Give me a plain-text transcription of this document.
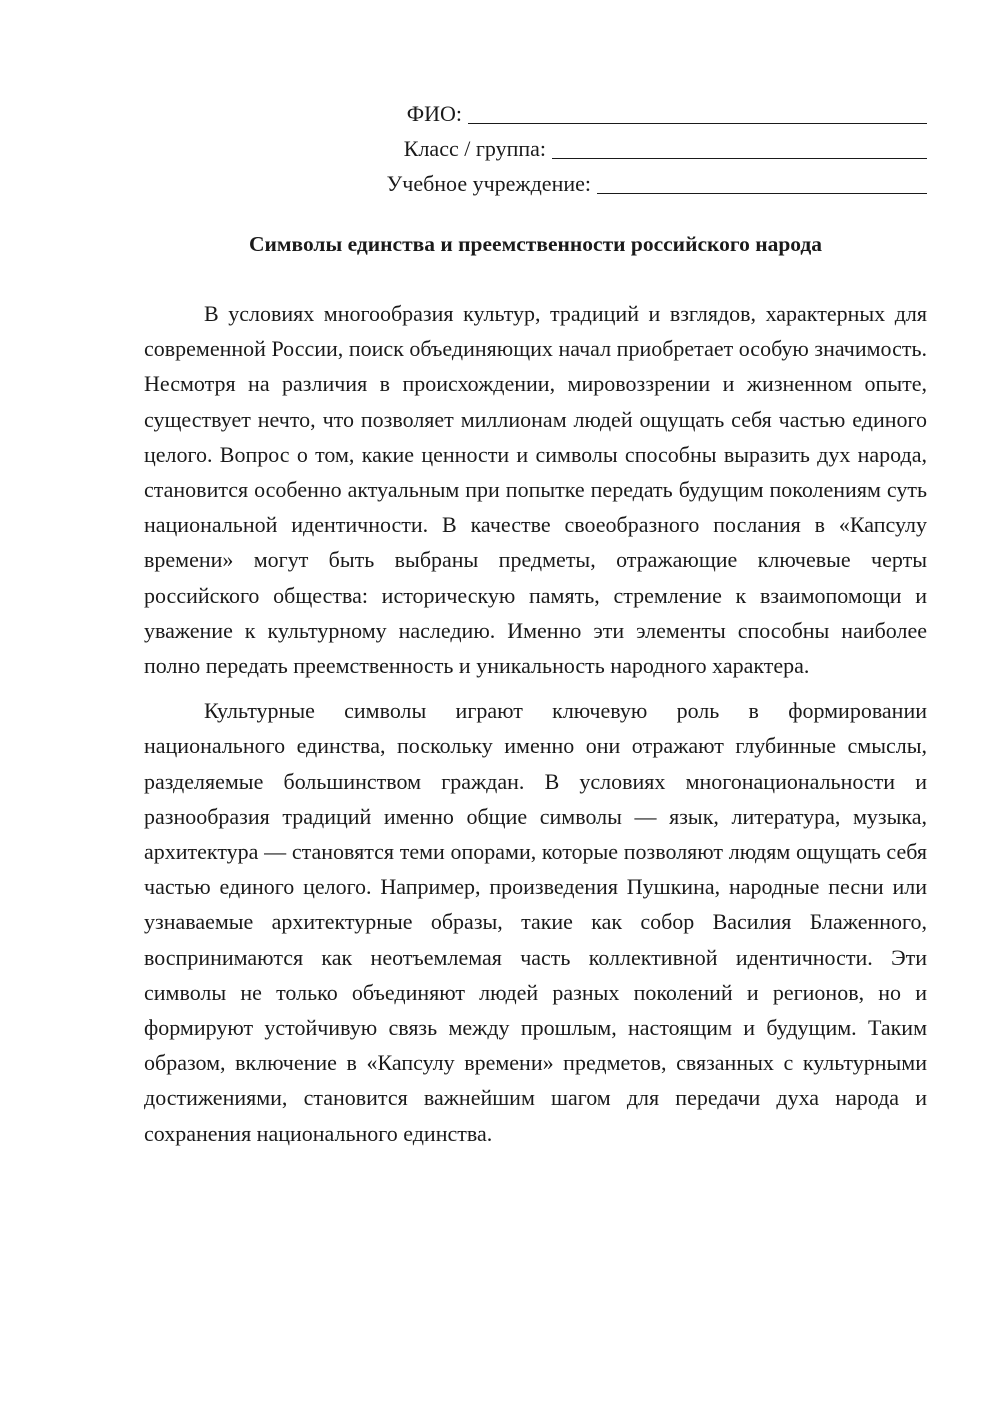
ФИО:
Класс / группа:
Учебное учреждение:
Символы единства и преемственности российского народа

В условиях многообразия культур, традиций и взглядов, характерных для современной России, поиск объединяющих начал приобретает особую значимость. Несмотря на различия в происхождении, мировоззрении и жизненном опыте, существует нечто, что позволяет миллионам людей ощущать себя частью единого целого. Вопрос о том, какие ценности и символы способны выразить дух народа, становится особенно актуальным при попытке передать будущим поколениям суть национальной идентичности. В качестве своеобразного послания в «Капсулу времени» могут быть выбраны предметы, отражающие ключевые черты российского общества: историческую память, стремление к взаимопомощи и уважение к культурному наследию. Именно эти элементы способны наиболее полно передать преемственность и уникальность народного характера.

Культурные символы играют ключевую роль в формировании национального единства, поскольку именно они отражают глубинные смыслы, разделяемые большинством граждан. В условиях многонациональности и разнообразия традиций именно общие символы — язык, литература, музыка, архитектура — становятся теми опорами, которые позволяют людям ощущать себя частью единого целого. Например, произведения Пушкина, народные песни или узнаваемые архитектурные образы, такие как собор Василия Блаженного, воспринимаются как неотъемлемая часть коллективной идентичности. Эти символы не только объединяют людей разных поколений и регионов, но и формируют устойчивую связь между прошлым, настоящим и будущим. Таким образом, включение в «Капсулу времени» предметов, связанных с культурными достижениями, становится важнейшим шагом для передачи духа народа и сохранения национального единства.
